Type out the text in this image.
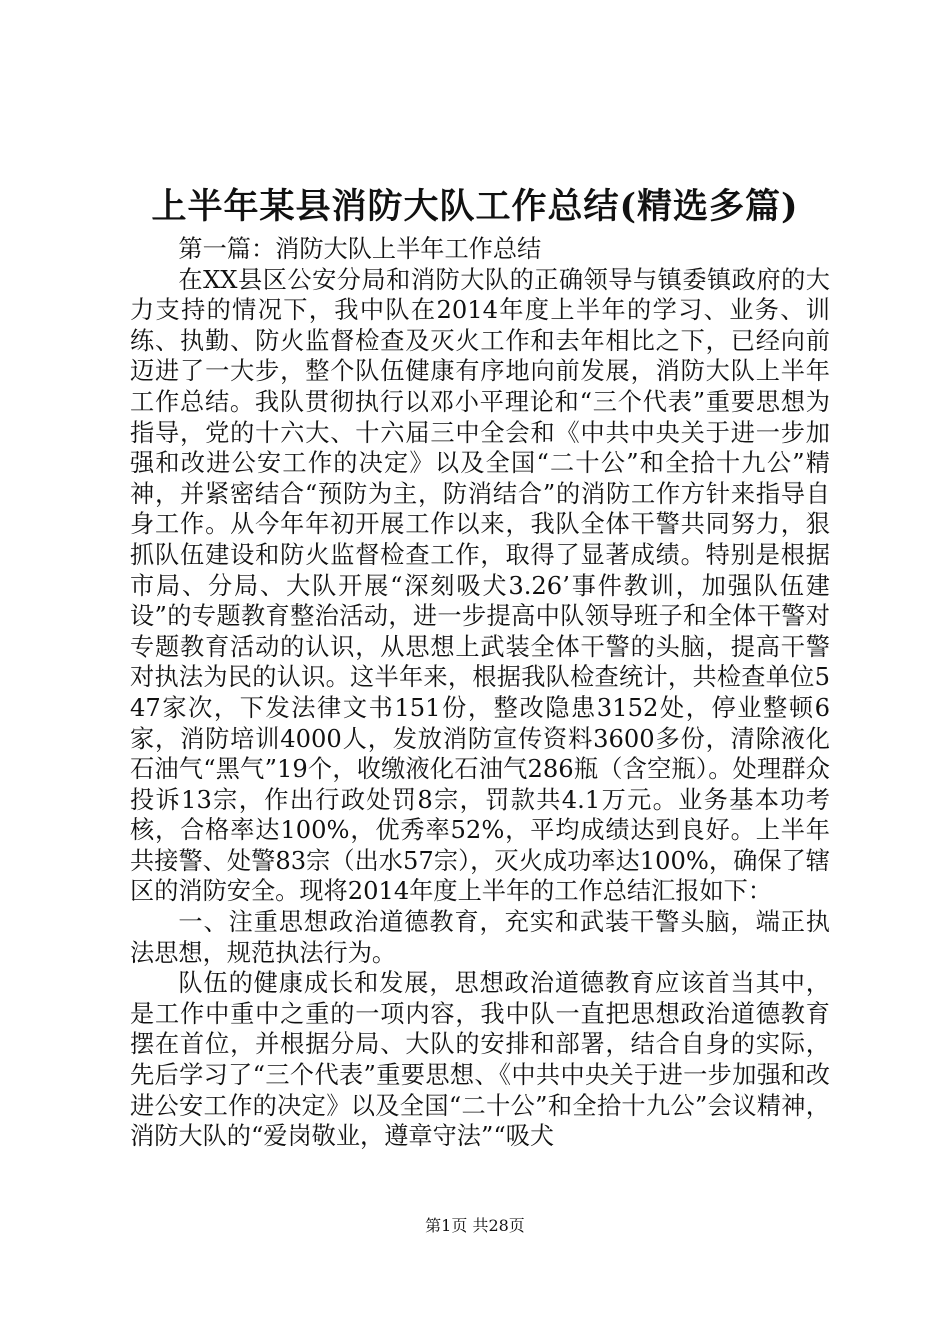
上半年某县消防大队工作总结(精选多篇)

第一篇：消防大队上半年工作总结

在XX县区公安分局和消防大队的正确领导与镇委镇政府的大力支持的情况下，我中队在2014年度上半年的学习、业务、训练、执勤、防火监督检查及灭火工作和去年相比之下，已经向前迈进了一大步，整个队伍健康有序地向前发展，消防大队上半年工作总结。我队贯彻执行以邓小平理论和“三个代表”重要思想为指导，党的十六大、十六届三中全会和《中共中央关于进一步加强和改进公安工作的决定》以及全国“二十公”和全拾十九公”精神，并紧密结合“预防为主，防消结合”的消防工作方针来指导自身工作。从今年年初开展工作以来，我队全体干警共同努力，狠抓队伍建设和防火监督检查工作，取得了显著成绩。特别是根据市局、分局、大队开展“深刻吸犬3.26’事件教训，加强队伍建设”的专题教育整治活动，进一步提高中队领导班子和全体干警对专题教育活动的认识，从思想上武装全体干警的头脑，提高干警对执法为民的认识。这半年来，根据我队检查统计，共检查单位547家次，下发法律文书151份，整改隐患3152处，停业整顿6家，消防培训4000人，发放消防宣传资料3600多份，清除液化石油气“黑气”19个，收缴液化石油气286瓶（含空瓶）。处理群众投诉13宗，作出行政处罚8宗，罚款共4.1万元。业务基本功考核，合格率达100%，优秀率52%，平均成绩达到良好。上半年共接警、处警83宗（出水57宗），灭火成功率达100%，确保了辖区的消防安全。现将2014年度上半年的工作总结汇报如下：

一、注重思想政治道德教育，充实和武装干警头脑，端正执法思想，规范执法行为。

队伍的健康成长和发展，思想政治道德教育应该首当其中，是工作中重中之重的一项内容，我中队一直把思想政治道德教育摆在首位，并根据分局、大队的安排和部署，结合自身的实际，先后学习了“三个代表”重要思想、《中共中央关于进一步加强和改进公安工作的决定》以及全国“二十公”和全拾十九公”会议精神，消防大队的“爱岗敬业，遵章守法”“吸犬

第1页 共28页
